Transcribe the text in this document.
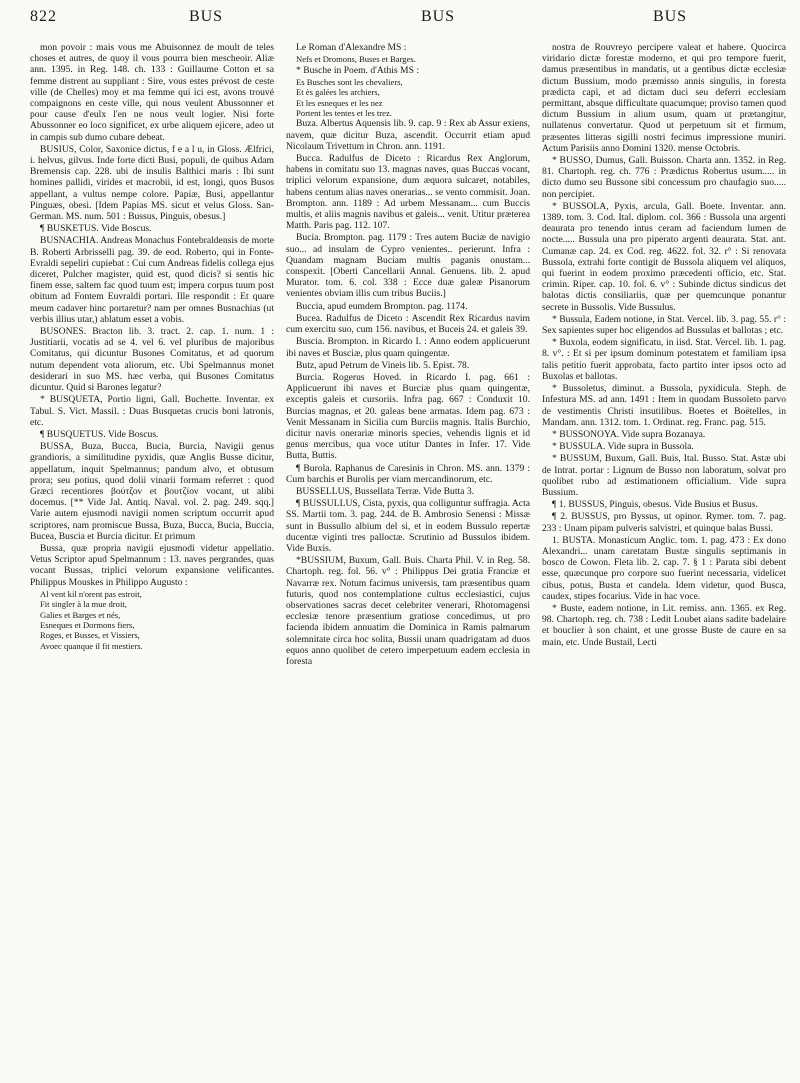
822	BUS	BUS	BUS

mon povoir : mais vous me Abuisonnez de moult de teles choses et autres, de quoy il vous pourra bien mescheoir. Aliæ ann. 1395. in Reg. 148. ch. 133 : Guillaume Cotton et sa femme distrent au suppliant : Sire, vous estes prévost de ceste ville (de Chelles) moy et ma femme qui ici est, avons trouvé compaignons en ceste ville, qui nous veulent Abussonner et pour cause d'eulx l'en ne nous veult logier. Nisi forte Abussonner eo loco significet, ex urbe aliquem ejicere, adeo ut in campis sub dumo cubare debeat.

BUSIUS, Color, Saxonice dictus, f e a l u, in Gloss. Ælfrici, i. helvus, gilvus. Inde forte dicti Busi, populi, de quibus Adam Bremensis cap. 228. ubi de insulis Balthici maris : Ibi sunt homines pallidi, virides et macrobii, id est, longi, quos Busos appellant, a vultus nempe colore. Papiæ, Busi, appellantur Pinguæs, obesi. [Idem Papias MS. sicut et velus Gloss. San-German. MS. num. 501 : Bussus, Pinguis, obesus.]

¶ BUSKETUS. Vide Boscus.

BUSNACHIA. Andreas Monachus Fontebraldensis de morte B. Roberti Arbrisselli pag. 39. de eod. Roberto, qui in Fonte-Evraldi sepeliri cupiebat : Cui cum Andreas fidelis collega ejus diceret, Pulcher magister, quid est, quod dicis? si sentis hic finem esse, saltem fac quod tuum est; impera corpus tuum post obitum ad Fontem Euvraldi portari. Ille respondit : Et quare meum cadaver hinc portaretur? nam per omnes Busnachias (ut verbis illius utar,) ablatum esset a vobis.

BUSONES. Bracton lib. 3. tract. 2. cap. 1. num. 1 : Justitiarii, vocatis ad se 4. vel 6. vel pluribus de majoribus Comitatus, qui dicuntur Busones Comitatus, et ad quorum nutum dependent vota aliorum, etc. Ubi Spelmannus monet desiderari in suo MS. hæc verba, qui Busones Comitatus dicuntur. Quid si Barones legatur?

* BUSQUETA, Portio ligni, Gall. Buchette. Inventar. ex Tabul. S. Vict. Massil. : Duas Busquetas crucis boni latronis, etc.

¶ BUSQUETUS. Vide Boscus.

BUSSA, Buza, Bucca, Bucia, Burcia, Navigii genus grandioris, a similitudine pyxidis, quæ Anglis Busse dicitur, appellatum, inquit Spelmannus; pandum alvo, et obtusum prora; seu potius, quod dolii vinarii formam referret : quod Græci recentiores βούτζον et βουτζίον vocant, ut alibi docemus. [** Vide Jal. Antiq. Naval. vol. 2. pag. 249. sqq.] Varie autem ejusmodi navigii nomen scriptum occurrit apud scriptores, nam promiscue Bussa, Buza, Bucca, Bucia, Buccia, Bucea, Buscia et Burcia dicitur. Et primum

Bussa, quæ propria navigii ejusmodi videtur appellatio. Vetus Scriptor apud Spelmannum : 13. naves pergrandes, quas vocant Bussas, triplici velorum expansione velificantes. Philippus Mouskes in Philippo Augusto :

Al vent kil n'orent pas estroit,
Fit singler à la mue droit,
Galies et Barges et nés,
Esneques et Dormons fiers,
Roges, et Busses, et Vissiers,
Avoec quanque il fit mestiers.

Le Roman d'Alexandre MS :

Nefs et Dromons, Buses et Barges.

* Busche in Poem. d'Athis MS :

Es Busches sont les chevaliers,
Et ès galées les archiers,
Et les esneques et les nez
Portent les tentes et les trez.

Buza. Albertus Aquensis lib. 9. cap. 9 : Rex ab Assur exiens, navem, quæ dicitur Buza, ascendit. Occurrit etiam apud Nicolaum Trivettum in Chron. ann. 1191.

Bucca. Radulfus de Diceto : Ricardus Rex Anglorum, habens in comitatu suo 13. magnas naves, quas Buccas vocant, triplici velorum expansione, dum æquora sulcaret, notabiles, habens centum alias naves onerarias... se vento commisit. Joan. Brompton. ann. 1189 : Ad urbem Messanam... cum Buccis multis, et aliis magnis navibus et galeis... venit. Utitur præterea Matth. Paris pag. 112. 107.

Bucia. Brompton. pag. 1179 : Tres autem Buciæ de navigio suo... ad insulam de Cypro venientes.. perierunt. Infra : Quandam magnam Buciam multis paganis onustam... conspexit. [Oberti Cancellarii Annal. Genuens. lib. 2. apud Murator. tom. 6. col. 338 : Ecce duæ galeæ Pisanorum venientes obviam illis cum tribus Buciis.]

Buccia, apud eumdem Brompton. pag. 1174.

Bucea. Radulfus de Diceto : Ascendit Rex Ricardus navim cum exercitu suo, cum 156. navibus, et Buceis 24. et galeis 39.

Buscia. Brompton. in Ricardo I. : Anno eodem applicuerunt ibi naves et Busciæ, plus quam quingentæ.

Butz, apud Petrum de Vineis lib. 5. Epist. 78.

Burcia. Rogerus Hoved. in Ricardo I. pag. 661 : Applicuerunt ibi naves et Burciæ plus quam quingentæ, exceptis galeis et cursoriis. Infra pag. 667 : Conduxit 10. Burcias magnas, et 20. galeas bene armatas. Idem pag. 673 : Venit Messanam in Sicilia cum Burciis magnis. Italis Burchio, dicitur navis onerariæ minoris species, vehendis lignis et id genus mercibus, qua voce utitur Dantes in Infer. 17. Vide Butta, Buttis.

¶ Burola. Raphanus de Caresinis in Chron. MS. ann. 1379 : Cum barchis et Burolis per viam mercandinorum, etc.

BUSSELLUS, Bussellata Terræ. Vide Butta 3.

¶ BUSSULLUS, Cista, pyxis, qua colliguntur suffragia. Acta SS. Martii tom. 3. pag. 244. de B. Ambrosio Senensi : Missæ sunt in Bussullo albium del si, et in eodem Bussulo repertæ ducentæ viginti tres palloctæ. Scrutinio ad Bussulos ibidem. Vide Buxis.

*BUSSIUM, Buxum, Gall. Buis. Charta Phil. V. in Reg. 58. Chartoph. reg. fol. 56. v° : Philippus Dei gratia Franciæ et Navarræ rex. Notum facimus universis, tam præsentibus quam futuris, quod nos contemplatione cultus ecclesiastici, cujus observationes sacras decet celebriter venerari, Rhotomagensi ecclesiæ tenore præsentium gratiose concedimus, ut pro facienda ibidem annuatim die Dominica in Ramis palmarum solemnitate circa hoc solita, Bussii unam quadrigatam ad duos equos anno quolibet de cetero imperpetuum eadem ecclesia in foresta

nostra de Rouvreyo percipere valeat et habere. Quocirca viridario dictæ forestæ moderno, et qui pro tempore fuerit, damus præsentibus in mandatis, ut a gentibus dictæ ecclesiæ dictum Bussium, modo præmisso annis singulis, in foresta prædicta capi, et ad dictam duci seu deferri ecclesiam permittant, absque difficultate quacumque; proviso tamen quod dictum Bussium in alium usum, quam ut prætangitur, nullatenus convertatur. Quod ut perpetuum sit et firmum, præsentes litteras sigilli nostri fecimus impressione muniri. Actum Parisiis anno Domini 1320. mense Octobris.

* BUSSO, Dumus, Gall. Buisson. Charta ann. 1352. in Reg. 81. Chartoph. reg. ch. 776 : Prædictus Robertus usum..... in dicto dumo seu Bussone sibi concessum pro chaufagio suo..... non percipiet.

* BUSSOLA, Pyxis, arcula, Gall. Boete. Inventar. ann. 1389. tom. 3. Cod. Ital. diplom. col. 366 : Bussola una argenti deaurata pro tenendo intus ceram ad faciendum lumen de nocte..... Bussula una pro piperato argenti deaurata. Stat. ant. Cumanæ cap. 24. ex Cod. reg. 4622. fol. 32. r° : Si renovata Bussola, extrahi forte contigit de Bussola aliquem vel aliquos, qui fuerint in eodem proximo præcedenti officio, etc. Stat. crimin. Riper. cap. 10. fol. 6. v° : Subinde dictus sindicus det balotas dictis consiliariis, quæ per quemcunque ponantur secrete in Bussolis. Vide Bussulus.

* Bussula, Eadem notione, in Stat. Vercel. lib. 3. pag. 55. r° : Sex sapientes super hoc eligendos ad Bussulas et ballotas ; etc.

* Buxola, eodem significatu, in iisd. Stat. Vercel. lib. 1. pag. 8. v°. : Et si per ipsum dominum potestatem et familiam ipsa talis petitio fuerit approbata, facto partito inter ipsos octo ad Buxolas et ballotas.

* Bussoletus, diminut. a Bussola, pyxidicula. Steph. de Infestura MS. ad ann. 1491 : Item in quodam Bussoleto parvo de vestimentis Christi insutilibus. Boetes et Boëtelles, in Mandam. ann. 1312. tom. 1. Ordinat. reg. Franc. pag. 515.

* BUSSONOYA. Vide supra Bozanaya.

* BUSSULA. Vide supra in Bussola.

* BUSSUM, Buxum, Gall. Buis, Ital. Busso. Stat. Astæ ubi de Intrat. portar : Lignum de Busso non laboratum, solvat pro quolibet rubo ad æstimationem officialium. Vide supra Bussium.

¶ 1. BUSSUS, Pinguis, obesus. Vide Busius et Busus.

¶ 2. BUSSUS, pro Byssus, ut opinor. Rymer. tom. 7. pag. 233 : Unam pipam pulveris salvistri, et quinque balas Bussi.

1. BUSTA. Monasticum Anglic. tom. 1. pag. 473 : Ex dono Alexandri... unam caretatam Bustæ singulis septimanis in bosco de Cowon. Fleta lib. 2. cap. 7. § 1 : Parata sibi debent esse, quæcunque pro corpore suo fuerint necessaria, videlicet cibus, potus, Busta et candela. Idem videtur, quod Busca, caudex, stipes focarius. Vide in hac voce.

* Buste, eadem notione, in Lit. remiss. ann. 1365. ex Reg. 98. Chartoph. reg. ch. 738 : Ledit Loubet aians sadite badelaire et bouclier à son chaint, et une grosse Buste de caure en sa main, etc. Unde Bustail, Lecti
